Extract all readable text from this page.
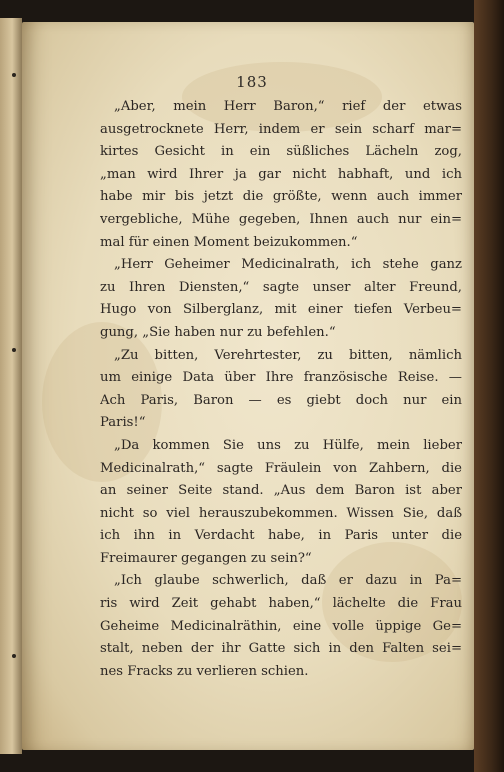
183
„Aber, mein Herr Baron,“ rief der etwas
ausgetrocknete Herr, indem er sein scharf mar=
kirtes Gesicht in ein süßliches Lächeln zog,
„man wird Ihrer ja gar nicht habhaft, und ich
habe mir bis jetzt die größte, wenn auch immer
vergebliche, Mühe gegeben, Ihnen auch nur ein=
mal für einen Moment beizukommen.“
„Herr Geheimer Medicinalrath, ich stehe ganz
zu Ihren Diensten,“ sagte unser alter Freund,
Hugo von Silberglanz, mit einer tiefen Verbeu=
gung, „Sie haben nur zu befehlen.“
„Zu bitten, Verehrtester, zu bitten, nämlich
um einige Data über Ihre französische Reise. —
Ach Paris, Baron — es giebt doch nur ein
Paris!“
„Da kommen Sie uns zu Hülfe, mein lieber
Medicinalrath,“ sagte Fräulein von Zahbern, die
an seiner Seite stand. „Aus dem Baron ist aber
nicht so viel herauszubekommen. Wissen Sie, daß
ich ihn in Verdacht habe, in Paris unter die
Freimaurer gegangen zu sein?“
„Ich glaube schwerlich, daß er dazu in Pa=
ris wird Zeit gehabt haben,“ lächelte die Frau
Geheime Medicinalräthin, eine volle üppige Ge=
stalt, neben der ihr Gatte sich in den Falten sei=
nes Fracks zu verlieren schien.
